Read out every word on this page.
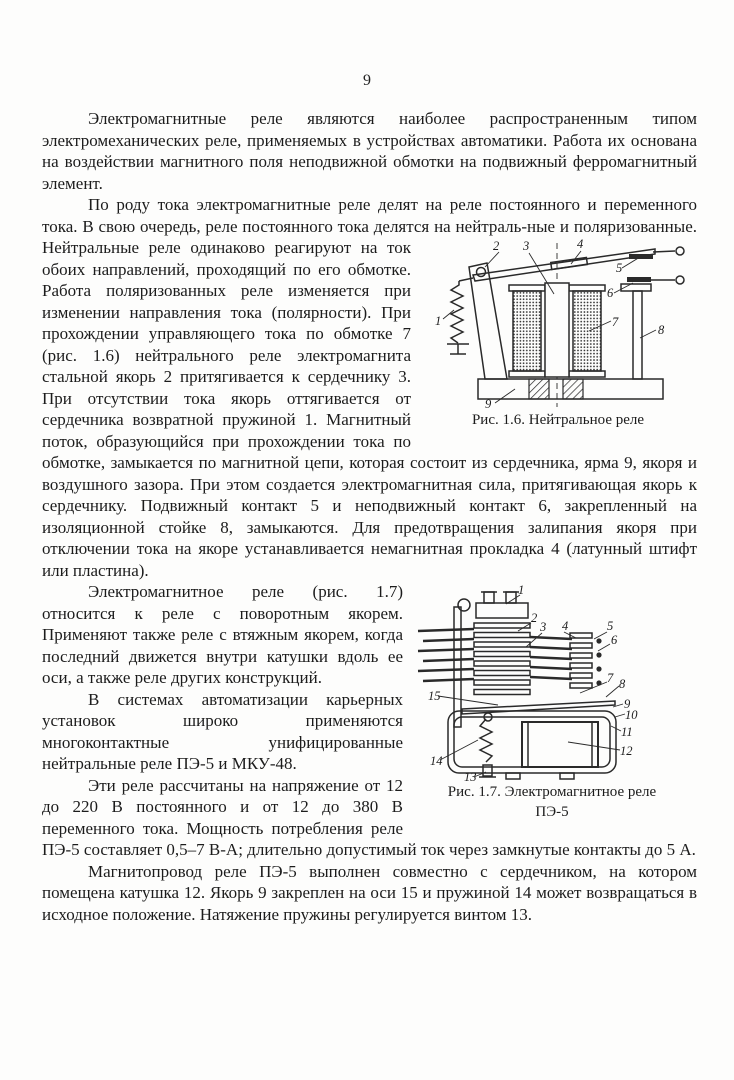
9

Электромагнитные реле являются наиболее распространенным типом электромеханических реле, применяемых в устройствах автоматики. Работа их основана на воздействии магнитного поля неподвижной обмотки на подвижный ферромагнитный элемент.

По роду тока электромагнитные реле делят на реле постоянного и переменного тока. В свою очередь, реле постоянного тока делятся на нейтраль-
1
2 3	4
5
6
7
8
9
Рис. 1.6. Нейтральное реле
ные и поляризованные. Нейтральные реле одинаково реагируют на ток обоих направлений, проходящий по его обмотке. Работа поляризованных реле изменяется при изменении направления тока (полярности). При прохождении управляющего тока по обмотке 7 (рис. 1.6) нейтрального реле электромагнита стальной якорь 2 притягивается к сердечнику 3. При отсутствии тока якорь оттягивается от сердечника возвратной пружиной 1. Магнитный поток, образующийся при прохождении тока по обмотке, замыкается по магнитной цепи, которая состоит из сердечника, ярма 9, якоря и воздушного зазора. При этом создается электромагнитная сила, притягивающая якорь к сердечнику. Подвижный контакт 5 и неподвижный контакт 6, закрепленный на изоляционной стойке 8, замыкаются. Для предотвращения залипания якоря при отключении тока на якоре устанавливается немагнитная прокладка 4 (латунный штифт или пластина).

1
2
3 4	5
6
7 8
9
10
11
12
13
14
15
Рис. 1.7. Электромагнитное реле
ПЭ-5
Электромагнитное реле (рис. 1.7) относится к реле с поворотным якорем. Применяют также реле с втяжным якорем, когда последний движется внутри катушки вдоль ее оси, а также реле других конструкций.

В системах автоматизации карьерных установок широко применяются многоконтактные унифицированные нейтральные реле ПЭ-5 и МКУ-48.

Эти реле рассчитаны на напряжение от 12 до 220 В постоянного и от 12 до 380 В переменного тока. Мощность потребления реле ПЭ-5 составляет 0,5–7 В-А; длительно допустимый ток через замкнутые контакты до 5 А.

Магнитопровод реле ПЭ-5 выполнен совместно с сердечником, на котором помещена катушка 12. Якорь 9 закреплен на оси 15 и пружиной 14 может возвращаться в исходное положение. Натяжение пружины регулируется винтом 13.
